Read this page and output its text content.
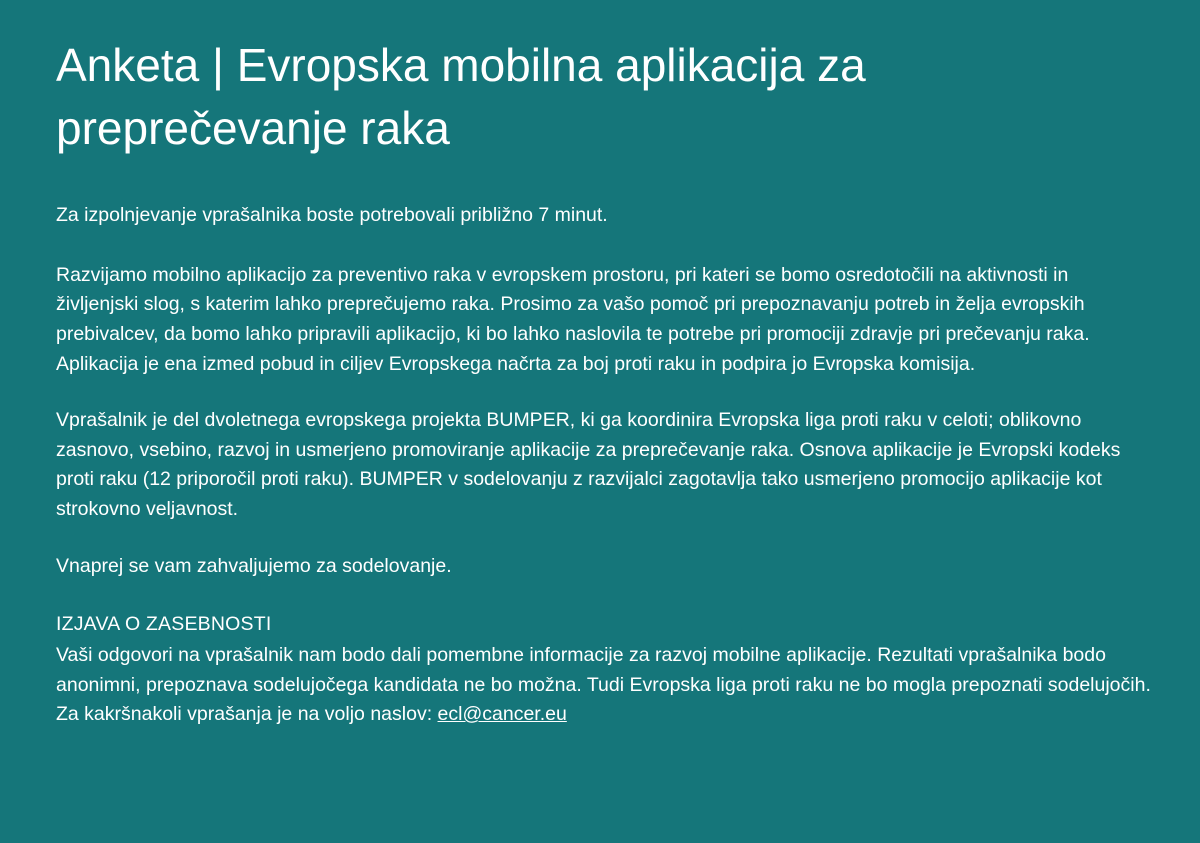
Anketa | Evropska mobilna aplikacija za preprečevanje raka

Za izpolnjevanje vprašalnika boste potrebovali približno 7 minut.

Razvijamo mobilno aplikacijo za preventivo raka v evropskem prostoru, pri kateri se bomo osredotočili na aktivnosti in življenjski slog, s katerim lahko preprečujemo raka. Prosimo za vašo pomoč pri prepoznavanju potreb in želja evropskih prebivalcev, da bomo lahko pripravili aplikacijo, ki bo lahko naslovila te potrebe pri promociji zdravje pri prečevanju raka. Aplikacija je ena izmed pobud in ciljev Evropskega načrta za boj proti raku in podpira jo Evropska komisija.

Vprašalnik je del dvoletnega evropskega projekta BUMPER, ki ga koordinira Evropska liga proti raku v celoti; oblikovno zasnovo, vsebino, razvoj in usmerjeno promoviranje aplikacije za preprečevanje raka. Osnova aplikacije je Evropski kodeks proti raku (12 priporočil proti raku). BUMPER v sodelovanju z razvijalci zagotavlja tako usmerjeno promocijo aplikacije kot strokovno veljavnost.

Vnaprej se vam zahvaljujemo za sodelovanje.

IZJAVA O ZASEBNOSTI

Vaši odgovori na vprašalnik nam bodo dali pomembne informacije za razvoj mobilne aplikacije. Rezultati vprašalnika bodo anonimni, prepoznava sodelujočega kandidata ne bo možna. Tudi Evropska liga proti raku ne bo mogla prepoznati sodelujočih. Za kakršnakoli vprašanja je na voljo naslov: ecl@cancer.eu
